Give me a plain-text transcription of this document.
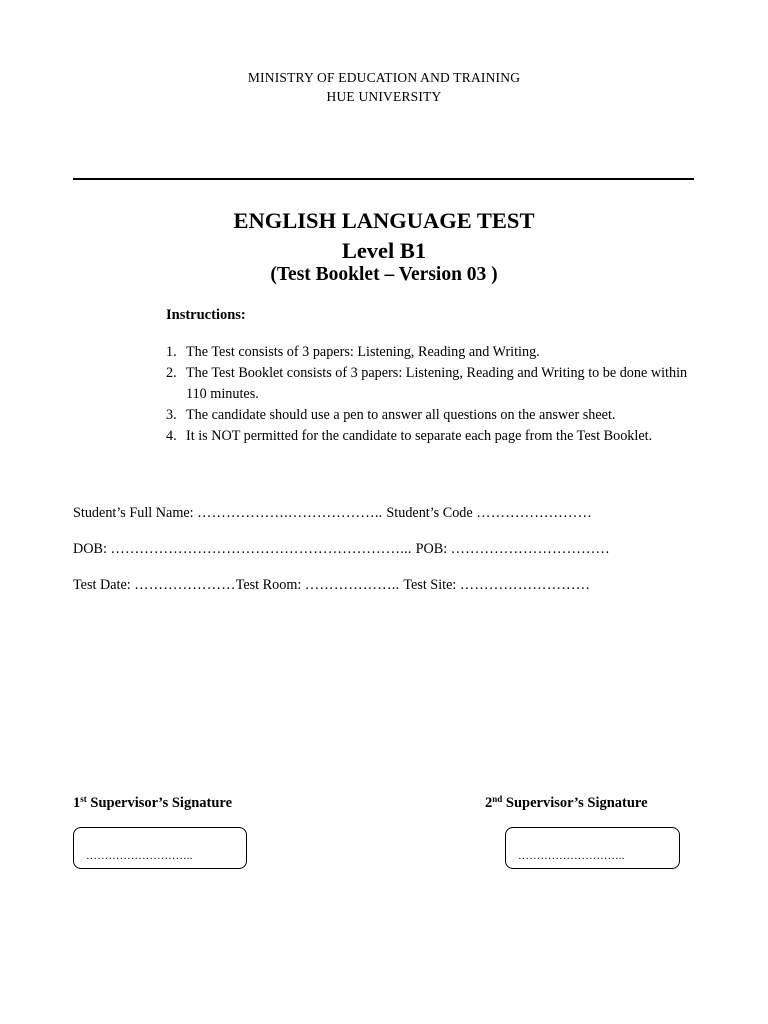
MINISTRY OF EDUCATION AND TRAINING
HUE UNIVERSITY
ENGLISH LANGUAGE TEST
Level B1
(Test Booklet – Version 03 )
Instructions:
1. The Test consists of 3 papers: Listening, Reading and Writing.
2. The Test Booklet consists of 3 papers: Listening, Reading and Writing to be done within 110 minutes.
3. The candidate should use a pen to answer all questions on the answer sheet.
4. It is NOT permitted for the candidate to separate each page from the Test Booklet.
Student’s Full Name: ……………….……………….. Student’s Code ……………………
DOB: ……………………………………………………... POB: ……………………………
Test Date: …………………Test Room: ……………….. Test Site: ………………………
1st Supervisor’s Signature	2nd Supervisor’s Signature
………………………..	………………………..
